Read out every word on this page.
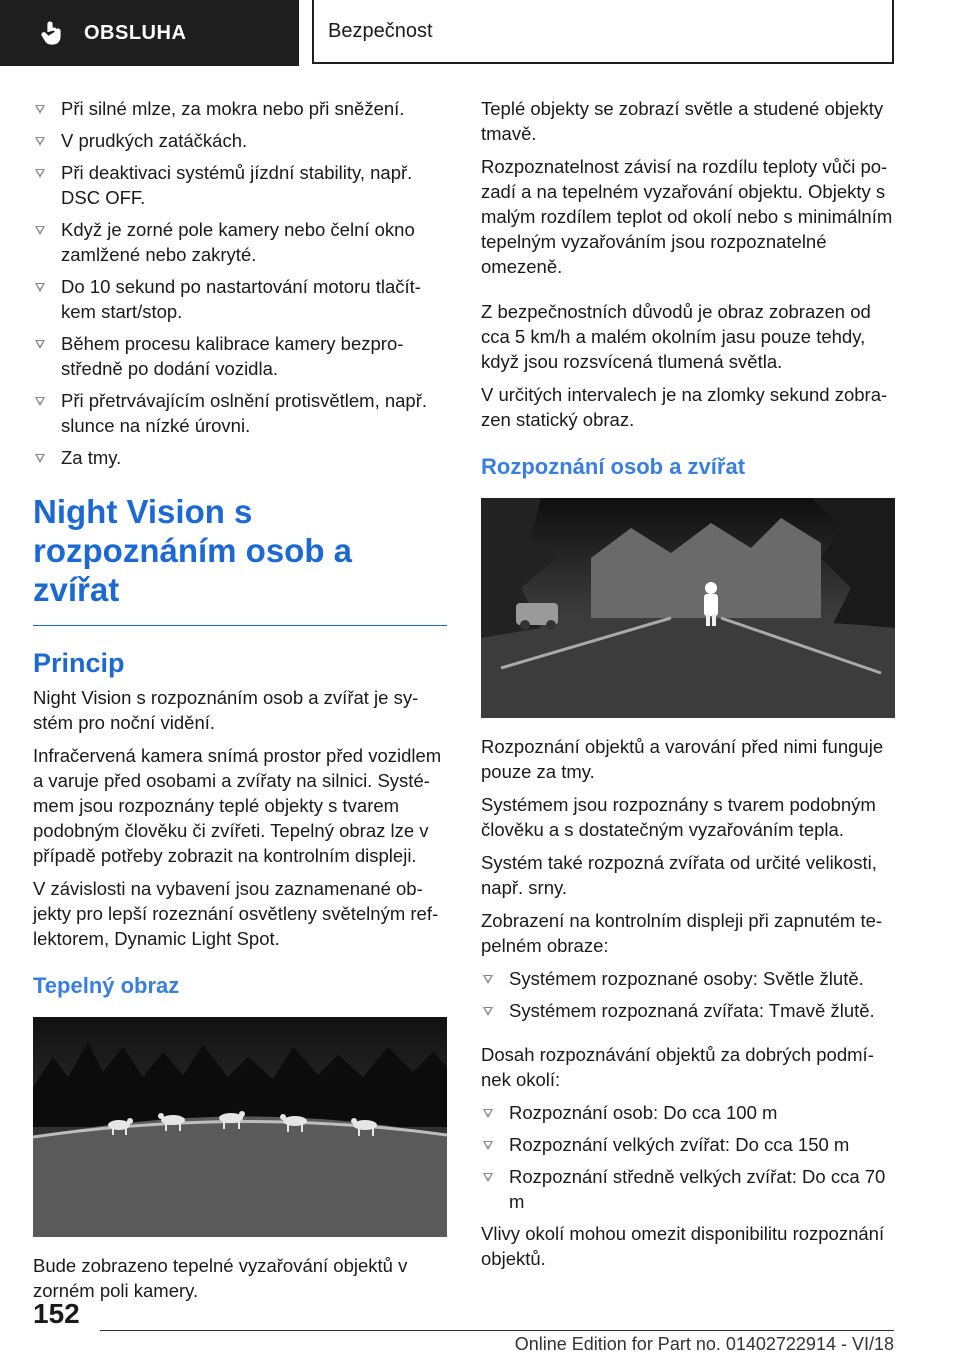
OBSLUHA	Bezpečnost
Při silné mlze, za mokra nebo při sněžení.
V prudkých zatáčkách.
Při deaktivaci systémů jízdní stability, např. DSC OFF.
Když je zorné pole kamery nebo čelní okno zamlžené nebo zakryté.
Do 10 sekund po nastartování motoru tlačítkem start/stop.
Během procesu kalibrace kamery bezprostředně po dodání vozidla.
Při přetrvávajícím oslnění protisvětlem, např. slunce na nízké úrovni.
Za tmy.
Night Vision s rozpoznáním osob a zvířat
Princip

Night Vision s rozpoznáním osob a zvířat je systém pro noční vidění.

Infračervená kamera snímá prostor před vozidlem a varuje před osobami a zvířaty na silnici. Systémem jsou rozpoznány teplé objekty s tvarem podobným člověku či zvířeti. Tepelný obraz lze v případě potřeby zobrazit na kontrolním displeji.

V závislosti na vybavení jsou zaznamenané objekty pro lepší rozeznání osvětleny světelným reflektorem, Dynamic Light Spot.

Tepelný obraz

Bude zobrazeno tepelné vyzařování objektů v zorném poli kamery.

Teplé objekty se zobrazí světle a studené objekty tmavě.

Rozpoznatelnost závisí na rozdílu teploty vůči pozadí a na tepelném vyzařování objektu. Objekty s malým rozdílem teplot od okolí nebo s minimálním tepelným vyzařováním jsou rozpoznatelné omezeně.

Z bezpečnostních důvodů je obraz zobrazen od cca 5 km/h a malém okolním jasu pouze tehdy, když jsou rozsvícená tlumená světla.

V určitých intervalech je na zlomky sekund zobrazen statický obraz.

Rozpoznání osob a zvířat

Rozpoznání objektů a varování před nimi funguje pouze za tmy.

Systémem jsou rozpoznány s tvarem podobným člověku a s dostatečným vyzařováním tepla.

Systém také rozpozná zvířata od určité velikosti, např. srny.

Zobrazení na kontrolním displeji při zapnutém tepelném obraze:

Systémem rozpoznané osoby: Světle žlutě.
Systémem rozpoznaná zvířata: Tmavě žlutě.

Dosah rozpoznávání objektů za dobrých podmínek okolí:

Rozpoznání osob: Do cca 100 m
Rozpoznání velkých zvířat: Do cca 150 m
Rozpoznání středně velkých zvířat: Do cca 70 m

Vlivy okolí mohou omezit disponibilitu rozpoznání objektů.

152
Online Edition for Part no. 01402722914 - VI/18
